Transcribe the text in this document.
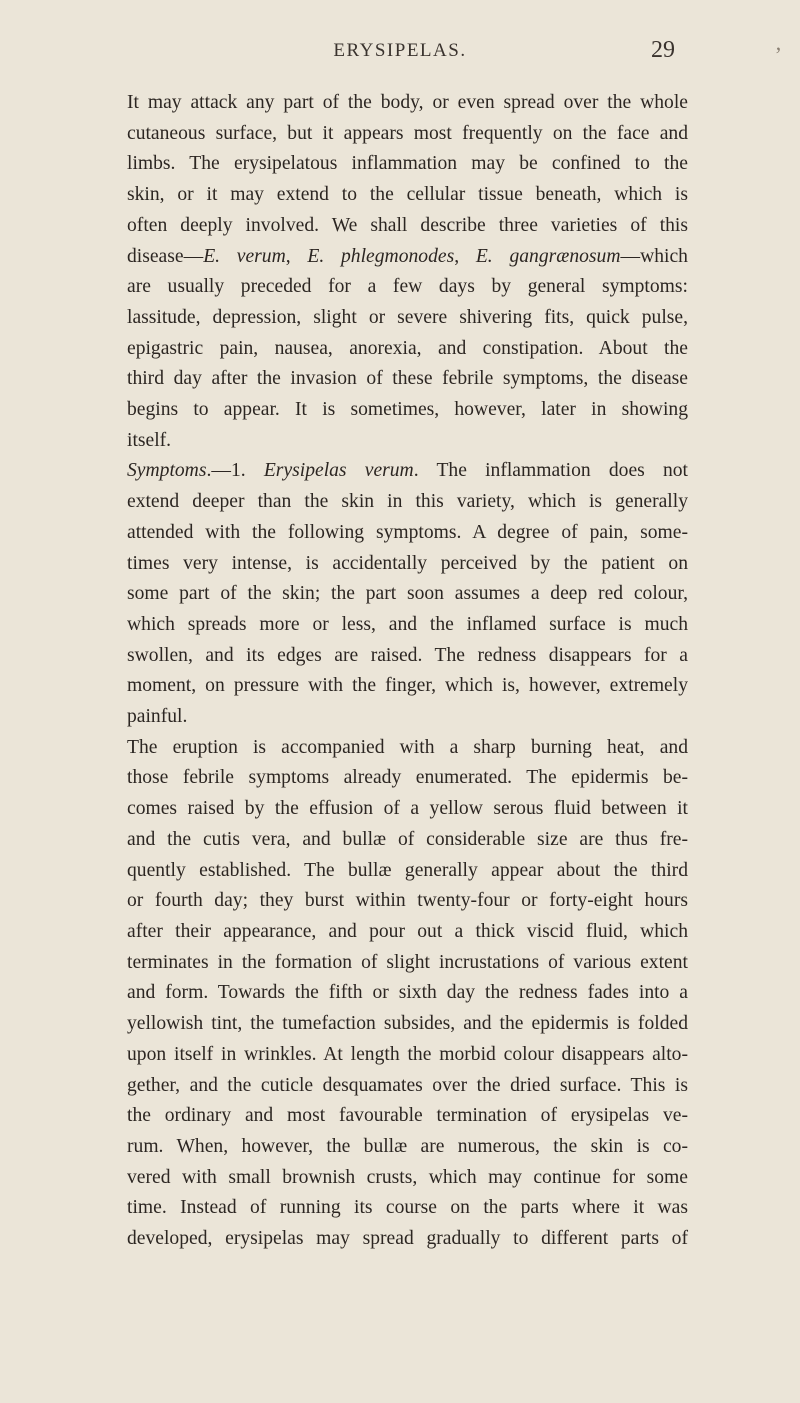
ERYSIPELAS.	29	’

It may attack any part of the body, or even spread over the whole
cutaneous surface, but it appears most frequently on the face and
limbs. The erysipelatous inflammation may be confined to the
skin, or it may extend to the cellular tissue beneath, which is
often deeply involved. We shall describe three varieties of this
disease—E. verum, E. phlegmonodes, E. gangrænosum—which
are usually preceded for a few days by general symptoms:
lassitude, depression, slight or severe shivering fits, quick pulse,
epigastric pain, nausea, anorexia, and constipation. About the
third day after the invasion of these febrile symptoms, the disease
begins to appear. It is sometimes, however, later in showing
itself.

Symptoms.—1. Erysipelas verum. The inflammation does not
extend deeper than the skin in this variety, which is generally
attended with the following symptoms. A degree of pain, some-
times very intense, is accidentally perceived by the patient on
some part of the skin; the part soon assumes a deep red colour,
which spreads more or less, and the inflamed surface is much
swollen, and its edges are raised. The redness disappears for a
moment, on pressure with the finger, which is, however, extremely
painful.

The eruption is accompanied with a sharp burning heat, and
those febrile symptoms already enumerated. The epidermis be-
comes raised by the effusion of a yellow serous fluid between it
and the cutis vera, and bullæ of considerable size are thus fre-
quently established. The bullæ generally appear about the third
or fourth day; they burst within twenty-four or forty-eight hours
after their appearance, and pour out a thick viscid fluid, which
terminates in the formation of slight incrustations of various extent
and form. Towards the fifth or sixth day the redness fades into a
yellowish tint, the tumefaction subsides, and the epidermis is folded
upon itself in wrinkles. At length the morbid colour disappears alto-
gether, and the cuticle desquamates over the dried surface. This is
the ordinary and most favourable termination of erysipelas ve-
rum. When, however, the bullæ are numerous, the skin is co-
vered with small brownish crusts, which may continue for some
time. Instead of running its course on the parts where it was
developed, erysipelas may spread gradually to different parts of
